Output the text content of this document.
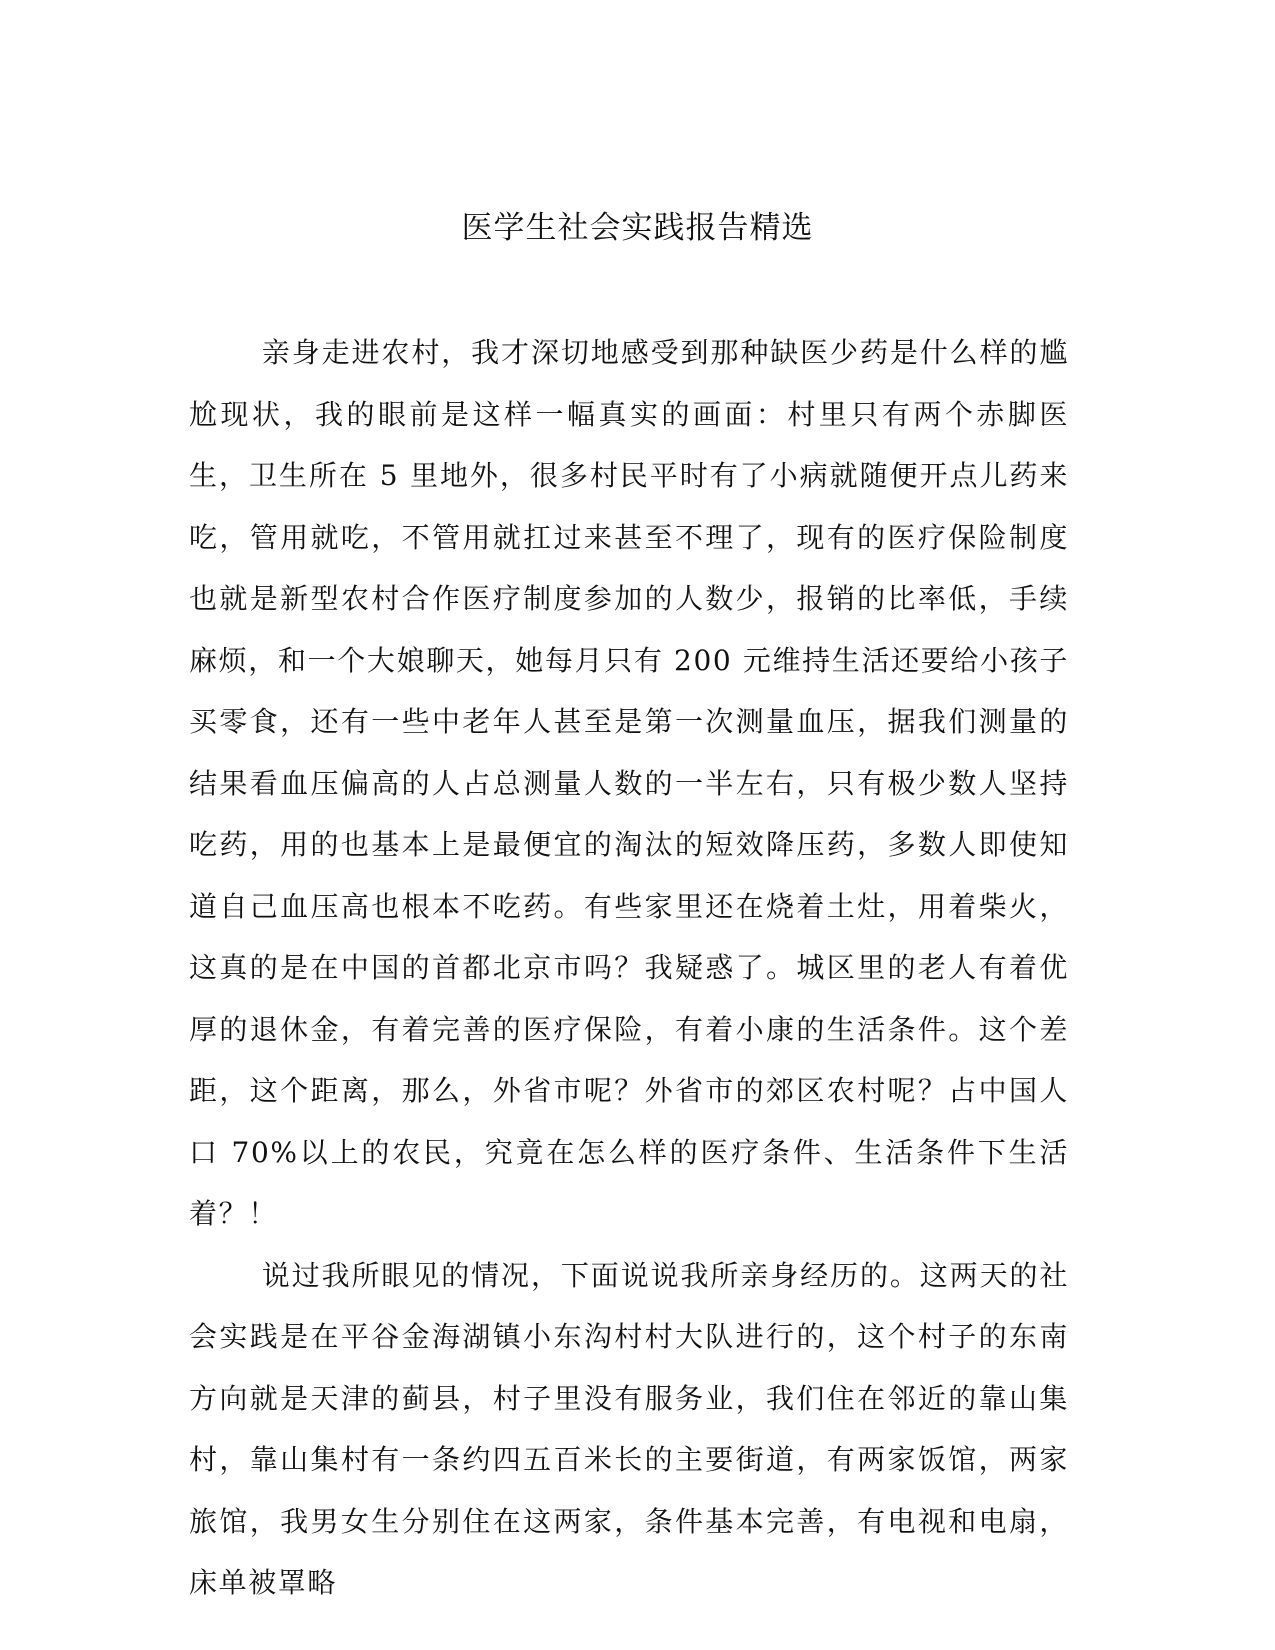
医学生社会实践报告精选

亲身走进农村，我才深切地感受到那种缺医少药是什么样的尴尬现状，我的眼前是这样一幅真实的画面：村里只有两个赤脚医生，卫生所在 5 里地外，很多村民平时有了小病就随便开点儿药来吃，管用就吃，不管用就扛过来甚至不理了，现有的医疗保险制度也就是新型农村合作医疗制度参加的人数少，报销的比率低，手续麻烦，和一个大娘聊天，她每月只有 200 元维持生活还要给小孩子买零食，还有一些中老年人甚至是第一次测量血压，据我们测量的结果看血压偏高的人占总测量人数的一半左右，只有极少数人坚持吃药，用的也基本上是最便宜的淘汰的短效降压药，多数人即使知道自己血压高也根本不吃药。有些家里还在烧着土灶，用着柴火，这真的是在中国的首都北京市吗？我疑惑了。城区里的老人有着优厚的退休金，有着完善的医疗保险，有着小康的生活条件。这个差距，这个距离，那么，外省市呢？外省市的郊区农村呢？占中国人口 70%以上的农民，究竟在怎么样的医疗条件、生活条件下生活着？！

说过我所眼见的情况，下面说说我所亲身经历的。这两天的社会实践是在平谷金海湖镇小东沟村村大队进行的，这个村子的东南方向就是天津的蓟县，村子里没有服务业，我们住在邻近的靠山集村，靠山集村有一条约四五百米长的主要街道，有两家饭馆，两家旅馆，我男女生分别住在这两家，条件基本完善，有电视和电扇，床单被罩略
